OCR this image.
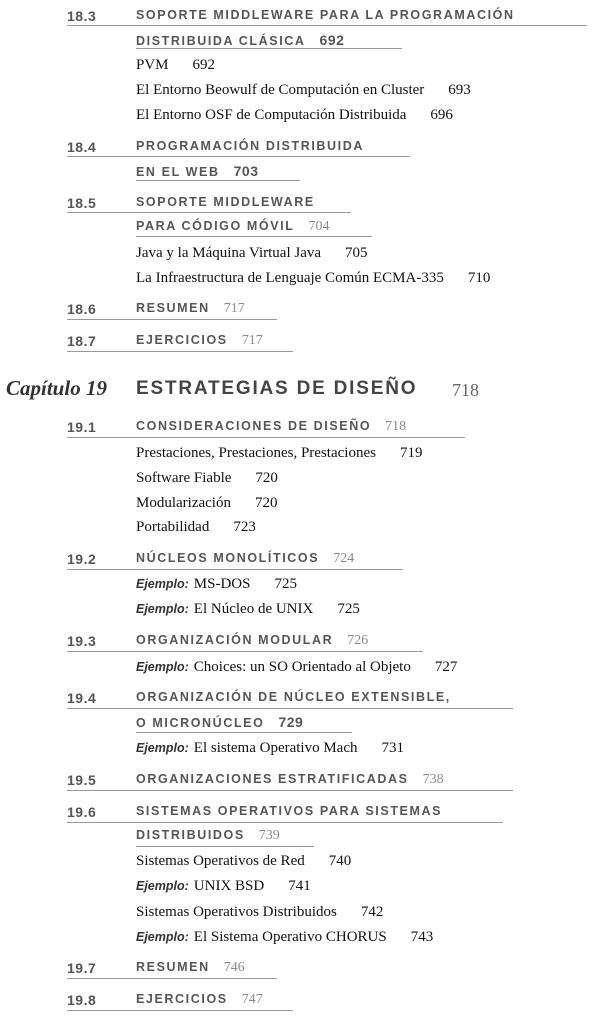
18.3	SOPORTE MIDDLEWARE PARA LA PROGRAMACIÓN
DISTRIBUIDA CLÁSICA 692
PVM 692
El Entorno Beowulf de Computación en Cluster 693
El Entorno OSF de Computación Distribuida 696
18.4	PROGRAMACIÓN DISTRIBUIDA
EN EL WEB 703
18.5	SOPORTE MIDDLEWARE
PARA CÓDIGO MÓVIL 704
Java y la Máquina Virtual Java 705
La Infraestructura de Lenguaje Común ECMA-335 710
18.6	RESUMEN 717
18.7	EJERCICIOS 717
Capítulo 19 ESTRATEGIAS DE DISEÑO 718
19.1	CONSIDERACIONES DE DISEÑO 718
Prestaciones, Prestaciones, Prestaciones 719
Software Fiable 720
Modularización 720
Portabilidad 723
19.2	NÚCLEOS MONOLÍTICOS 724
Ejemplo: MS-DOS 725
Ejemplo: El Núcleo de UNIX 725
19.3	ORGANIZACIÓN MODULAR 726
Ejemplo: Choices: un SO Orientado al Objeto 727
19.4	ORGANIZACIÓN DE NÚCLEO EXTENSIBLE,
O MICRONÚCLEO 729
Ejemplo: El sistema Operativo Mach 731
19.5	ORGANIZACIONES ESTRATIFICADAS 738
19.6	SISTEMAS OPERATIVOS PARA SISTEMAS
DISTRIBUIDOS 739
Sistemas Operativos de Red 740
Ejemplo: UNIX BSD 741
Sistemas Operativos Distribuidos 742
Ejemplo: El Sistema Operativo CHORUS 743
19.7	RESUMEN 746
19.8	EJERCICIOS 747
